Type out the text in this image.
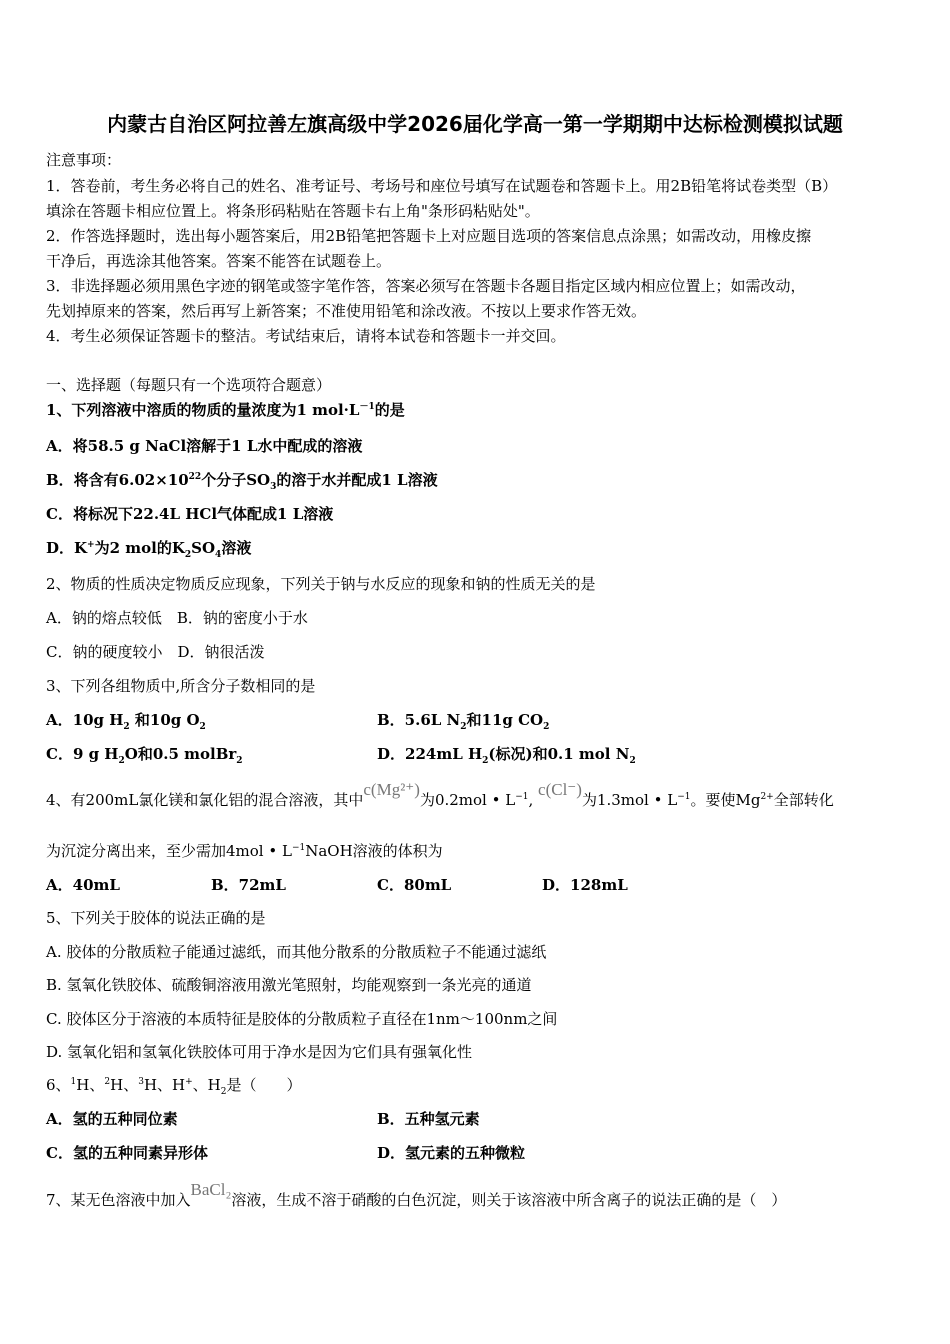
内蒙古自治区阿拉善左旗高级中学2026届化学高一第一学期期中达标检测模拟试题
注意事项：
1．答卷前，考生务必将自己的姓名、准考证号、考场号和座位号填写在试题卷和答题卡上。用2B铅笔将试卷类型（B）
填涂在答题卡相应位置上。将条形码粘贴在答题卡右上角"条形码粘贴处"。
2．作答选择题时，选出每小题答案后，用2B铅笔把答题卡上对应题目选项的答案信息点涂黑；如需改动，用橡皮擦
干净后，再选涂其他答案。答案不能答在试题卷上。
3．非选择题必须用黑色字迹的钢笔或签字笔作答，答案必须写在答题卡各题目指定区域内相应位置上；如需改动，
先划掉原来的答案，然后再写上新答案；不准使用铅笔和涂改液。不按以上要求作答无效。
4．考生必须保证答题卡的整洁。考试结束后，请将本试卷和答题卡一并交回。
一、选择题（每题只有一个选项符合题意）
1、下列溶液中溶质的物质的量浓度为1 $mol\cdot L^{-1}$的是
A．将58.5 g NaCl溶解于1 L水中配成的溶液
B．将含有$6.02\times 10^{22}$个分子$SO_3$的溶于水并配成1 L溶液
C．将标况下22.4L HCl气体配成1 L溶液
D．K+为2 mol的$K_2SO_4$溶液
2、物质的性质决定物质反应现象，下列关于钠与水反应的现象和钠的性质无关的是
A．钠的熔点较低　B．钠的密度小于水
C．钠的硬度较小　D．钠很活泼
3、下列各组物质中,所含分子数相同的是
A．10g $H_2$ 和10g $O_2$	B．5.6L $N_2$和11g $CO_2$
C．9 g $H_2O$和0.5 molBr$_2$	D．224mL $H_2$(标况)和0.1 mol $N_2$
4、有200mL氯化镁和氯化铝的混合溶液，其中c(Mg²⁺)为0.2mol • $L^{-1}$, c(Cl⁻)为1.3mol • $L^{-1}$。要使$Mg^{2+}$全部转化
为沉淀分离出来，至少需加4mol • $L^{-1}NaOH$溶液的体积为
A．40mL	B．72mL	C．80mL	D．128mL
5、下列关于胶体的说法正确的是
A. 胶体的分散质粒子能通过滤纸，而其他分散系的分散质粒子不能通过滤纸
B. 氢氧化铁胶体、硫酸铜溶液用激光笔照射，均能观察到一条光亮的通道
C. 胶体区分于溶液的本质特征是胶体的分散质粒子直径在1nm～100nm之间
D. 氢氧化铝和氢氧化铁胶体可用于净水是因为它们具有强氧化性
6、$^1$H、$^2$H、$^3$H、H+、$H_2$是（　　）
A．氢的五种同位素	B．五种氢元素
C．氢的五种同素异形体	D．氢元素的五种微粒
7、某无色溶液中加入BaCl₂溶液，生成不溶于硝酸的白色沉淀，则关于该溶液中所含离子的说法正确的是（　）
